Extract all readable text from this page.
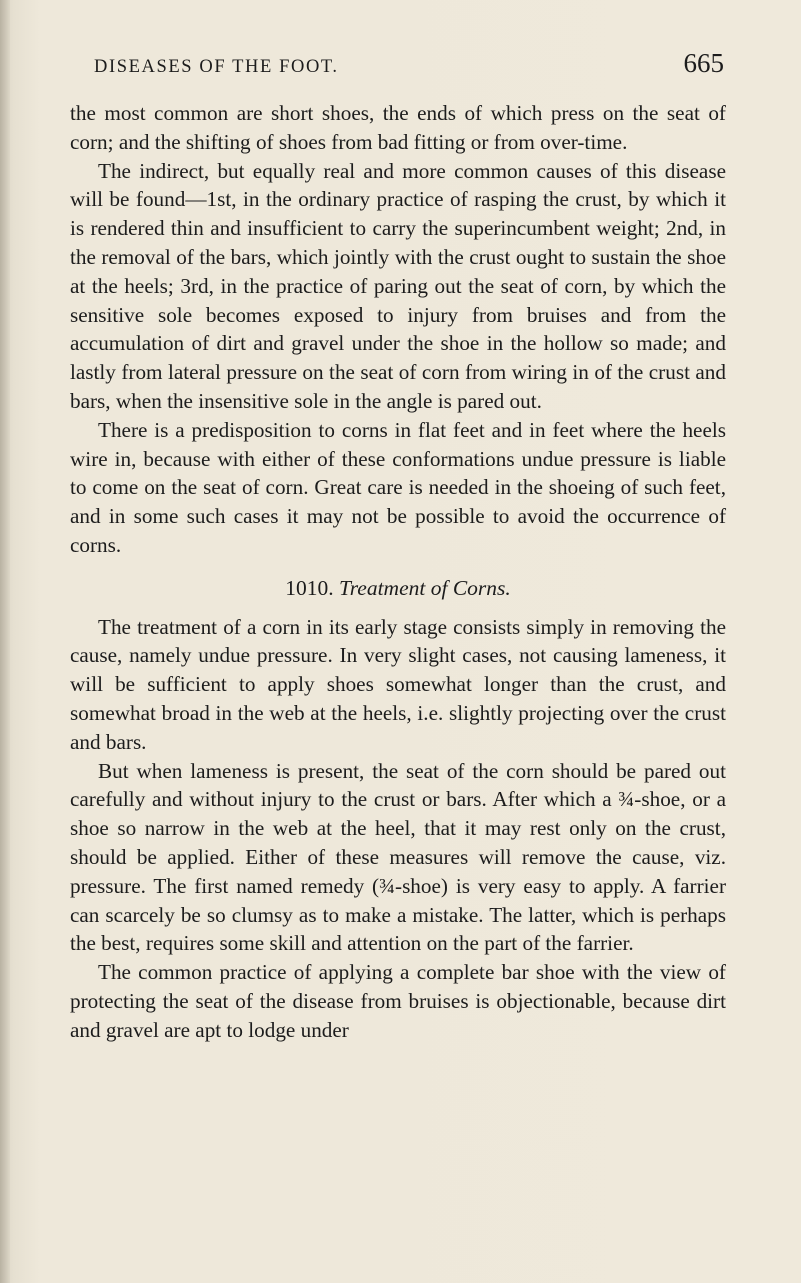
DISEASES OF THE FOOT.	665

the most common are short shoes, the ends of which press on the seat of corn; and the shifting of shoes from bad fitting or from over-time.

The indirect, but equally real and more common causes of this disease will be found—1st, in the ordinary practice of rasping the crust, by which it is rendered thin and insufficient to carry the superincumbent weight; 2nd, in the removal of the bars, which jointly with the crust ought to sustain the shoe at the heels; 3rd, in the practice of paring out the seat of corn, by which the sensitive sole becomes exposed to injury from bruises and from the accumulation of dirt and gravel under the shoe in the hollow so made; and lastly from lateral pressure on the seat of corn from wiring in of the crust and bars, when the insensitive sole in the angle is pared out.

There is a predisposition to corns in flat feet and in feet where the heels wire in, because with either of these conformations undue pressure is liable to come on the seat of corn. Great care is needed in the shoeing of such feet, and in some such cases it may not be possible to avoid the occurrence of corns.

1010. Treatment of Corns.

The treatment of a corn in its early stage consists simply in removing the cause, namely undue pressure. In very slight cases, not causing lameness, it will be sufficient to apply shoes somewhat longer than the crust, and somewhat broad in the web at the heels, i.e. slightly projecting over the crust and bars.

But when lameness is present, the seat of the corn should be pared out carefully and without injury to the crust or bars. After which a ¾-shoe, or a shoe so narrow in the web at the heel, that it may rest only on the crust, should be applied. Either of these measures will remove the cause, viz. pressure. The first named remedy (¾-shoe) is very easy to apply. A farrier can scarcely be so clumsy as to make a mistake. The latter, which is perhaps the best, requires some skill and attention on the part of the farrier.

The common practice of applying a complete bar shoe with the view of protecting the seat of the disease from bruises is objectionable, because dirt and gravel are apt to lodge under
